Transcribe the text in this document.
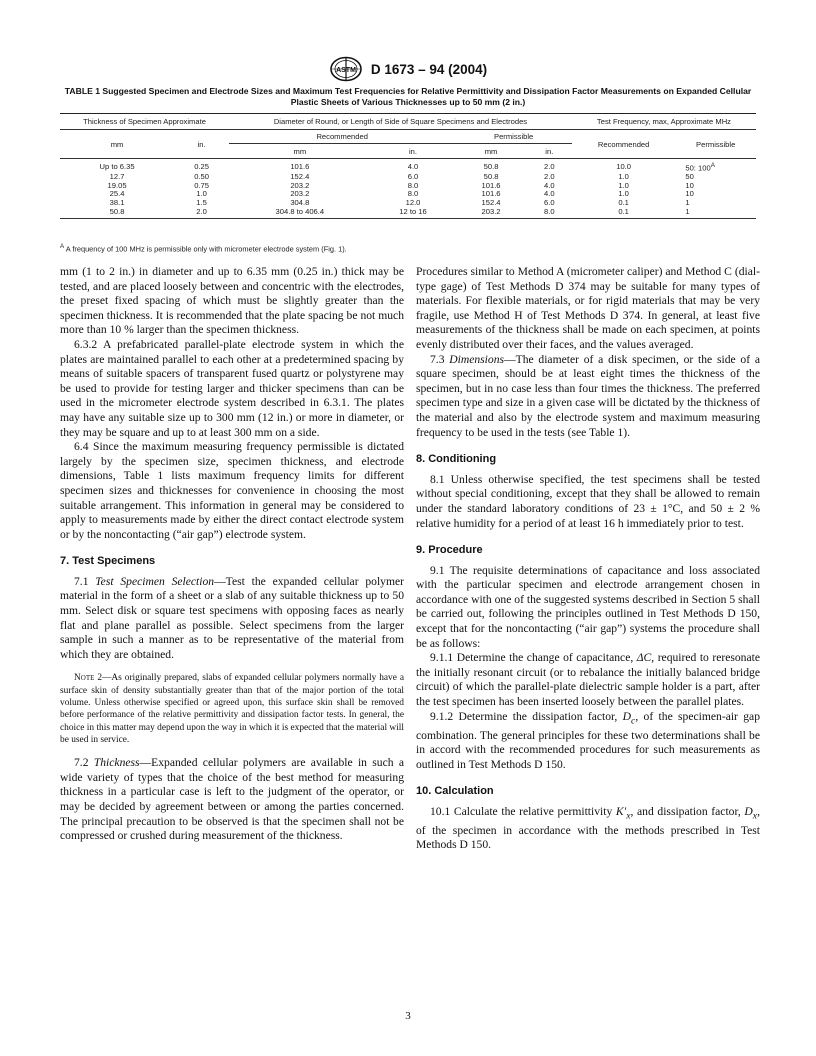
ASTM D 1673 – 94 (2004)
TABLE 1 Suggested Specimen and Electrode Sizes and Maximum Test Frequencies for Relative Permittivity and Dissipation Factor Measurements on Expanded Cellular Plastic Sheets of Various Thicknesses up to 50 mm (2 in.)
Thickness of Specimen Approximate		Diameter of Round, or Length of Side of Square Specimens and Electrodes				Test Frequency, max, Approximate MHz	
mm	in.	Recommended		Permissible		Recommended	Permissible
		mm	in.	mm	in.		
Up to 6.35	0.25	101.6	4.0	50.8	2.0	10.0	50: $100^A$
12.7	0.50	152.4	6.0	50.8	2.0	1.0	50
19.05	0.75	203.2	8.0	101.6	4.0	1.0	10
25.4	1.0	203.2	8.0	101.6	4.0	1.0	10
38.1	1.5	304.8	12.0	152.4	6.0	0.1	1
50.8	2.0	304.8 to 406.4	12 to 16	203.2	8.0	0.1	1
$^A$ A frequency of 100 MHz is permissible only with micrometer electrode system (Fig. 1).

mm (1 to 2 in.) in diameter and up to 6.35 mm (0.25 in.) thick may be tested, and are placed loosely between and concentric with the electrodes, the preset fixed spacing of which must be slightly greater than the specimen thickness. It is recommended that the plate spacing be not much more than 10 % larger than the specimen thickness.

6.3.2 A prefabricated parallel-plate electrode system in which the plates are maintained parallel to each other at a predetermined spacing by means of suitable spacers of transparent fused quartz or polystyrene may be used to provide for testing larger and thicker specimens than can be used in the micrometer electrode system described in 6.3.1. The plates may have any suitable size up to 300 mm (12 in.) or more in diameter, or they may be square and up to at least 300 mm on a side.

6.4 Since the maximum measuring frequency permissible is dictated largely by the specimen size, specimen thickness, and electrode dimensions, Table 1 lists maximum frequency limits for different specimen sizes and thicknesses for convenience in choosing the most suitable arrangement. This information in general may be considered to apply to measurements made by either the direct contact electrode system or by the noncontacting (“air gap”) electrode system.

7. Test Specimens

7.1 Test Specimen Selection—Test the expanded cellular polymer material in the form of a sheet or a slab of any suitable thickness up to 50 mm. Select disk or square test specimens with opposing faces as nearly flat and plane parallel as possible. Select specimens from the larger sample in such a manner as to be representative of the material from which they are obtained.

Note 2—As originally prepared, slabs of expanded cellular polymers normally have a surface skin of density substantially greater than that of the major portion of the total volume. Unless otherwise specified or agreed upon, this surface skin shall be removed before performance of the relative permittivity and dissipation factor tests. In general, the choice in this matter may depend upon the way in which it is expected that the material will be used in service.

7.2 Thickness—Expanded cellular polymers are available in such a wide variety of types that the choice of the best method for measuring thickness in a particular case is left to the judgment of the operator, or may be decided by agreement between or among the parties concerned. The principal precaution to be observed is that the specimen shall not be compressed or crushed during measurement of the thickness.

Procedures similar to Method A (micrometer caliper) and Method C (dial-type gage) of Test Methods D 374 may be suitable for many types of materials. For flexible materials, or for rigid materials that may be very fragile, use Method H of Test Methods D 374. In general, at least five measurements of the thickness shall be made on each specimen, at points evenly distributed over their faces, and the values averaged.

7.3 Dimensions—The diameter of a disk specimen, or the side of a square specimen, should be at least eight times the thickness of the specimen, but in no case less than four times the thickness. The preferred specimen type and size in a given case will be dictated by the thickness of the material and also by the electrode system and maximum measuring frequency to be used in the tests (see Table 1).

8. Conditioning

8.1 Unless otherwise specified, the test specimens shall be tested without special conditioning, except that they shall be allowed to remain under the standard laboratory conditions of 23 ± 1°C, and 50 ± 2 % relative humidity for a period of at least 16 h immediately prior to test.

9. Procedure

9.1 The requisite determinations of capacitance and loss associated with the particular specimen and electrode arrangement chosen in accordance with one of the suggested systems described in Section 5 shall be carried out, following the principles outlined in Test Methods D 150, except that for the noncontacting (“air gap”) systems the procedure shall be as follows:

9.1.1 Determine the change of capacitance, ΔC, required to reresonate the initially resonant circuit (or to rebalance the initially balanced bridge circuit) of which the parallel-plate dielectric sample holder is a part, after the test specimen has been inserted loosely between the parallel plates.

9.1.2 Determine the dissipation factor, $D_c$, of the specimen-air gap combination. The general principles for these two determinations shall be in accord with the recommended procedures for such measurements as outlined in Test Methods D 150.

10. Calculation

10.1 Calculate the relative permittivity $K'_x$, and dissipation factor, $D_x$, of the specimen in accordance with the methods prescribed in Test Methods D 150.

3
